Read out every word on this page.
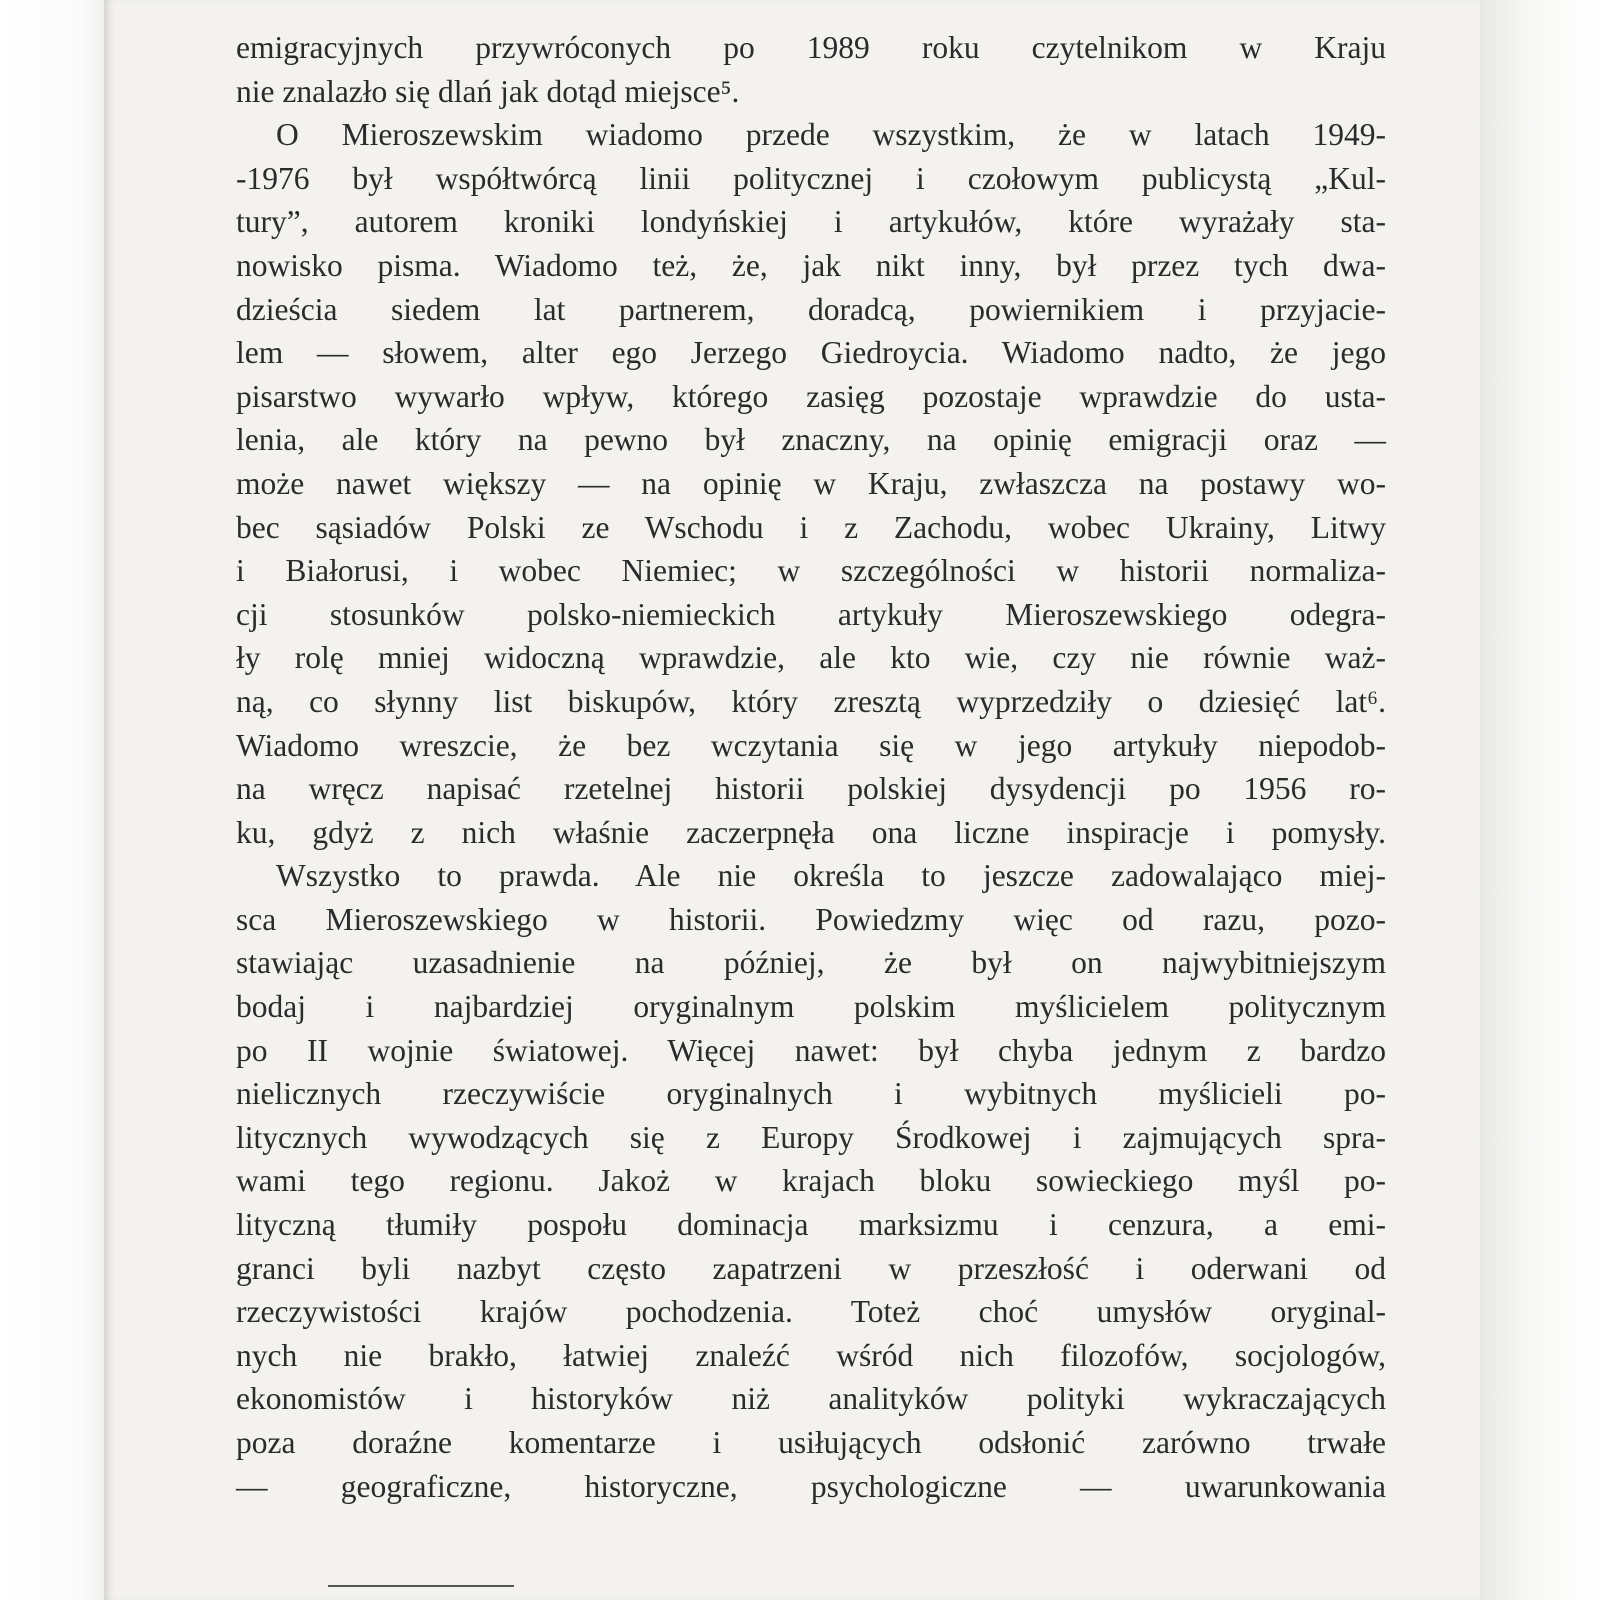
emigracyjnych przywróconych po 1989 roku czytelnikom w Kraju
nie znalazło się dlań jak dotąd miejsce⁵.
O Mieroszewskim wiadomo przede wszystkim, że w latach 1949-
-1976 był współtwórcą linii politycznej i czołowym publicystą „Kul-
tury”, autorem kroniki londyńskiej i artykułów, które wyrażały sta-
nowisko pisma. Wiadomo też, że, jak nikt inny, był przez tych dwa-
dzieścia siedem lat partnerem, doradcą, powiernikiem i przyjacie-
lem — słowem, alter ego Jerzego Giedroycia. Wiadomo nadto, że jego
pisarstwo wywarło wpływ, którego zasięg pozostaje wprawdzie do usta-
lenia, ale który na pewno był znaczny, na opinię emigracji oraz —
może nawet większy — na opinię w Kraju, zwłaszcza na postawy wo-
bec sąsiadów Polski ze Wschodu i z Zachodu, wobec Ukrainy, Litwy
i Białorusi, i wobec Niemiec; w szczególności w historii normaliza-
cji stosunków polsko-niemieckich artykuły Mieroszewskiego odegra-
ły rolę mniej widoczną wprawdzie, ale kto wie, czy nie równie waż-
ną, co słynny list biskupów, który zresztą wyprzedziły o dziesięć lat⁶.
Wiadomo wreszcie, że bez wczytania się w jego artykuły niepodob-
na wręcz napisać rzetelnej historii polskiej dysydencji po 1956 ro-
ku, gdyż z nich właśnie zaczerpnęła ona liczne inspiracje i pomysły.
Wszystko to prawda. Ale nie określa to jeszcze zadowalająco miej-
sca Mieroszewskiego w historii. Powiedzmy więc od razu, pozo-
stawiając uzasadnienie na później, że był on najwybitniejszym
bodaj i najbardziej oryginalnym polskim myślicielem politycznym
po II wojnie światowej. Więcej nawet: był chyba jednym z bardzo
nielicznych rzeczywiście oryginalnych i wybitnych myślicieli po-
litycznych wywodzących się z Europy Środkowej i zajmujących spra-
wami tego regionu. Jakoż w krajach bloku sowieckiego myśl po-
lityczną tłumiły pospołu dominacja marksizmu i cenzura, a emi-
granci byli nazbyt często zapatrzeni w przeszłość i oderwani od
rzeczywistości krajów pochodzenia. Toteż choć umysłów oryginal-
nych nie brakło, łatwiej znaleźć wśród nich filozofów, socjologów,
ekonomistów i historyków niż analityków polityki wykraczających
poza doraźne komentarze i usiłujących odsłonić zarówno trwałe
— geograficzne, historyczne, psychologiczne — uwarunkowania
